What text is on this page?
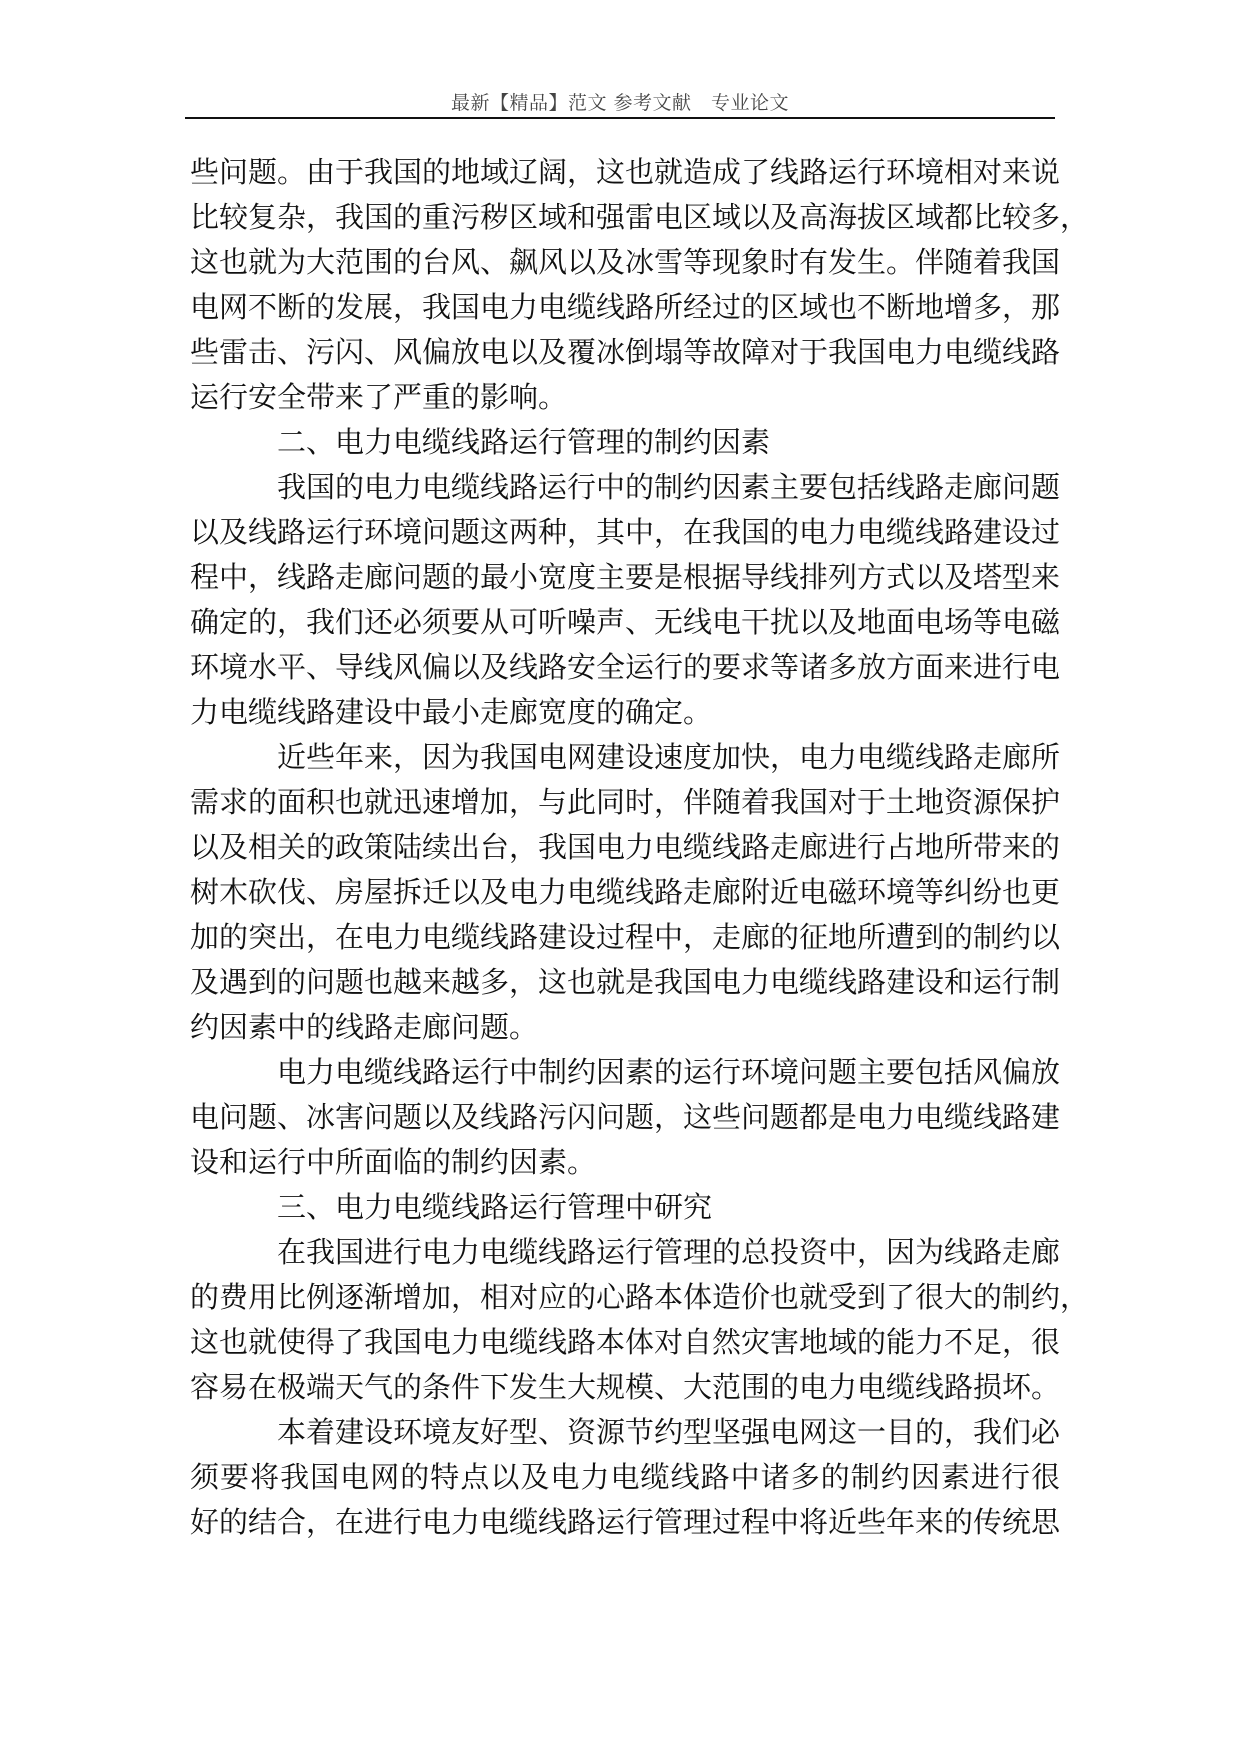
最新【精品】范文 参考文献　专业论文
些问题。由于我国的地域辽阔，这也就造成了线路运行环境相对来说
比较复杂，我国的重污秽区域和强雷电区域以及高海拔区域都比较多，
这也就为大范围的台风、飙风以及冰雪等现象时有发生。伴随着我国
电网不断的发展，我国电力电缆线路所经过的区域也不断地增多，那
些雷击、污闪、风偏放电以及覆冰倒塌等故障对于我国电力电缆线路
运行安全带来了严重的影响。
二、电力电缆线路运行管理的制约因素
我国的电力电缆线路运行中的制约因素主要包括线路走廊问题
以及线路运行环境问题这两种，其中，在我国的电力电缆线路建设过
程中，线路走廊问题的最小宽度主要是根据导线排列方式以及塔型来
确定的，我们还必须要从可听噪声、无线电干扰以及地面电场等电磁
环境水平、导线风偏以及线路安全运行的要求等诸多放方面来进行电
力电缆线路建设中最小走廊宽度的确定。
近些年来，因为我国电网建设速度加快，电力电缆线路走廊所
需求的面积也就迅速增加，与此同时，伴随着我国对于土地资源保护
以及相关的政策陆续出台，我国电力电缆线路走廊进行占地所带来的
树木砍伐、房屋拆迁以及电力电缆线路走廊附近电磁环境等纠纷也更
加的突出，在电力电缆线路建设过程中，走廊的征地所遭到的制约以
及遇到的问题也越来越多，这也就是我国电力电缆线路建设和运行制
约因素中的线路走廊问题。
电力电缆线路运行中制约因素的运行环境问题主要包括风偏放
电问题、冰害问题以及线路污闪问题，这些问题都是电力电缆线路建
设和运行中所面临的制约因素。
三、电力电缆线路运行管理中研究
在我国进行电力电缆线路运行管理的总投资中，因为线路走廊
的费用比例逐渐增加，相对应的心路本体造价也就受到了很大的制约，
这也就使得了我国电力电缆线路本体对自然灾害地域的能力不足，很
容易在极端天气的条件下发生大规模、大范围的电力电缆线路损坏。
本着建设环境友好型、资源节约型坚强电网这一目的，我们必
须要将我国电网的特点以及电力电缆线路中诸多的制约因素进行很
好的结合，在进行电力电缆线路运行管理过程中将近些年来的传统思
